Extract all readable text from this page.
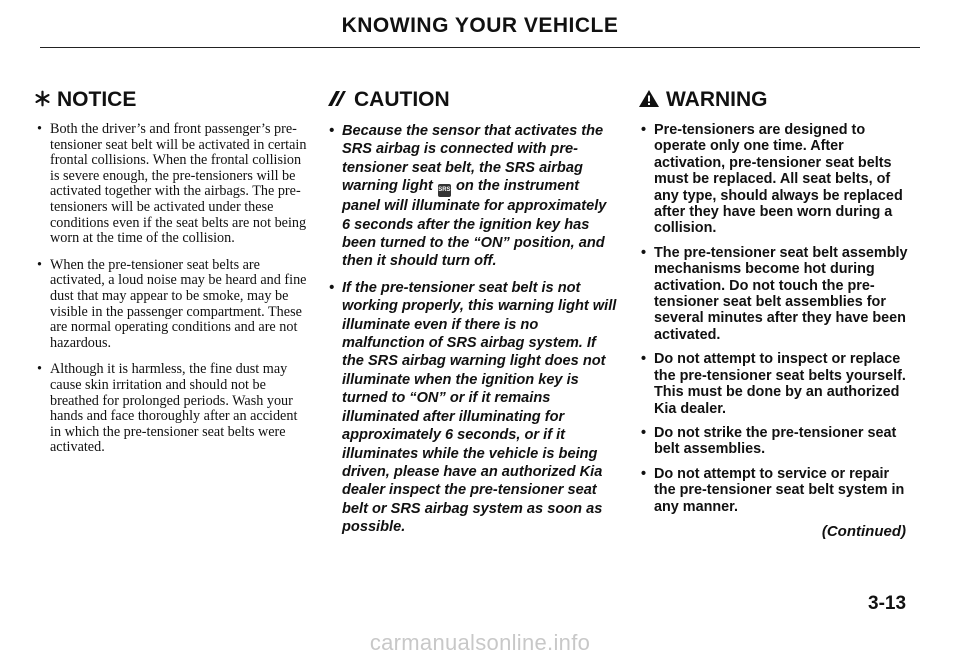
KNOWING YOUR VEHICLE
NOTICE
• Both the driver’s and front passenger’s pre-tensioner seat belt will be activated in certain frontal collisions. When the frontal collision is severe enough, the pre-tensioners will be activated together with the airbags. The pre-tensioners will be activated under these conditions even if the seat belts are not being worn at the time of the collision.
• When the pre-tensioner seat belts are activated, a loud noise may be heard and fine dust that may appear to be smoke, may be visible in the passenger compartment. These are normal operating conditions and are not hazardous.
• Although it is harmless, the fine dust may cause skin irritation and should not be breathed for prolonged periods. Wash your hands and face thoroughly after an accident in which the pre-tensioner seat belts were activated.
CAUTION
• Because the sensor that activates the SRS airbag is connected with pre-tensioner seat belt, the SRS airbag warning light SRS on the instrument panel will illuminate for approximately 6 seconds after the ignition key has been turned to the “ON” position, and then it should turn off.
• If the pre-tensioner seat belt is not working properly, this warning light will illuminate even if there is no malfunction of SRS airbag system. If the SRS airbag warning light does not illuminate when the ignition key is turned to “ON” or if it remains illuminated after illuminating for approximately 6 seconds, or if it illuminates while the vehicle is being driven, please have an authorized Kia dealer inspect the pre-tensioner seat belt or SRS airbag system as soon as possible.
WARNING
• Pre-tensioners are designed to operate only one time. After activation, pre-tensioner seat belts must be replaced. All seat belts, of any type, should always be replaced after they have been worn during a collision.
• The pre-tensioner seat belt assembly mechanisms become hot during activation. Do not touch the pre-tensioner seat belt assemblies for several minutes after they have been activated.
• Do not attempt to inspect or replace the pre-tensioner seat belts yourself. This must be done by an authorized Kia dealer.
• Do not strike the pre-tensioner seat belt assemblies.
• Do not attempt to service or repair the pre-tensioner seat belt system in any manner.
(Continued)
3-13
carmanualsonline.info
